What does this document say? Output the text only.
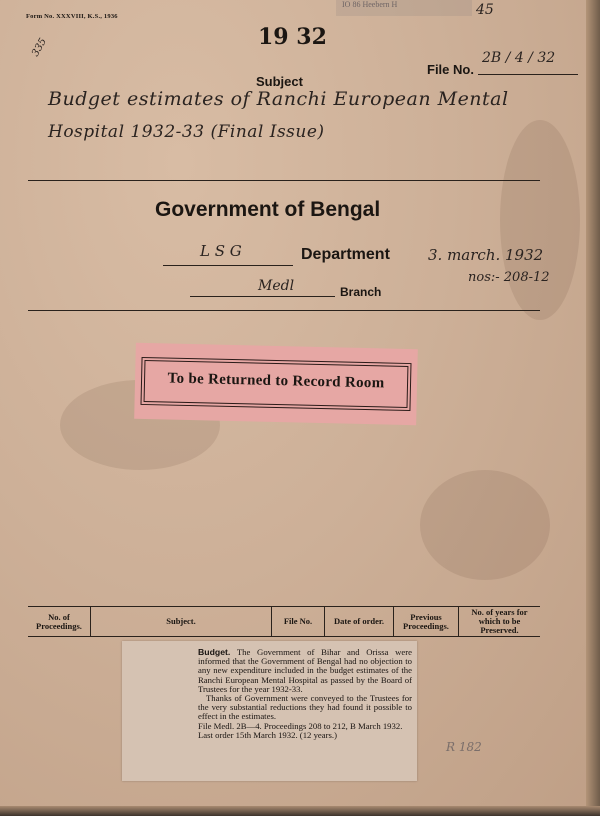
IO 86 Heebern H	45
Form No. XXXVIII, K.S., 1936
335	19 32
Subject
File No.
2B / 4 / 32
Budget estimates of Ranchi European Mental
Hospital 1932-33 (Final Issue)
Government of Bengal
L S G	Department	3. march. 1932
nos:- 208-12
Medl	Branch
To be Returned to Record Room
No. of Proceedings.	Subject.	File No.	Date of order.	Previous Proceedings.	No. of years for which to be Preserved.

Budget. The Government of Bihar and Orissa were informed that the Government of Bengal had no objection to any new expenditure included in the budget estimates of the Ranchi European Mental Hospital as passed by the Board of Trustees for the year 1932-33.

Thanks of Government were conveyed to the Trustees for the very substantial reductions they had found it possible to effect in the estimates.

File Medl. 2B—4. Proceedings 208 to 212, B March 1932.

Last order 15th March 1932. (12 years.)

R 182
